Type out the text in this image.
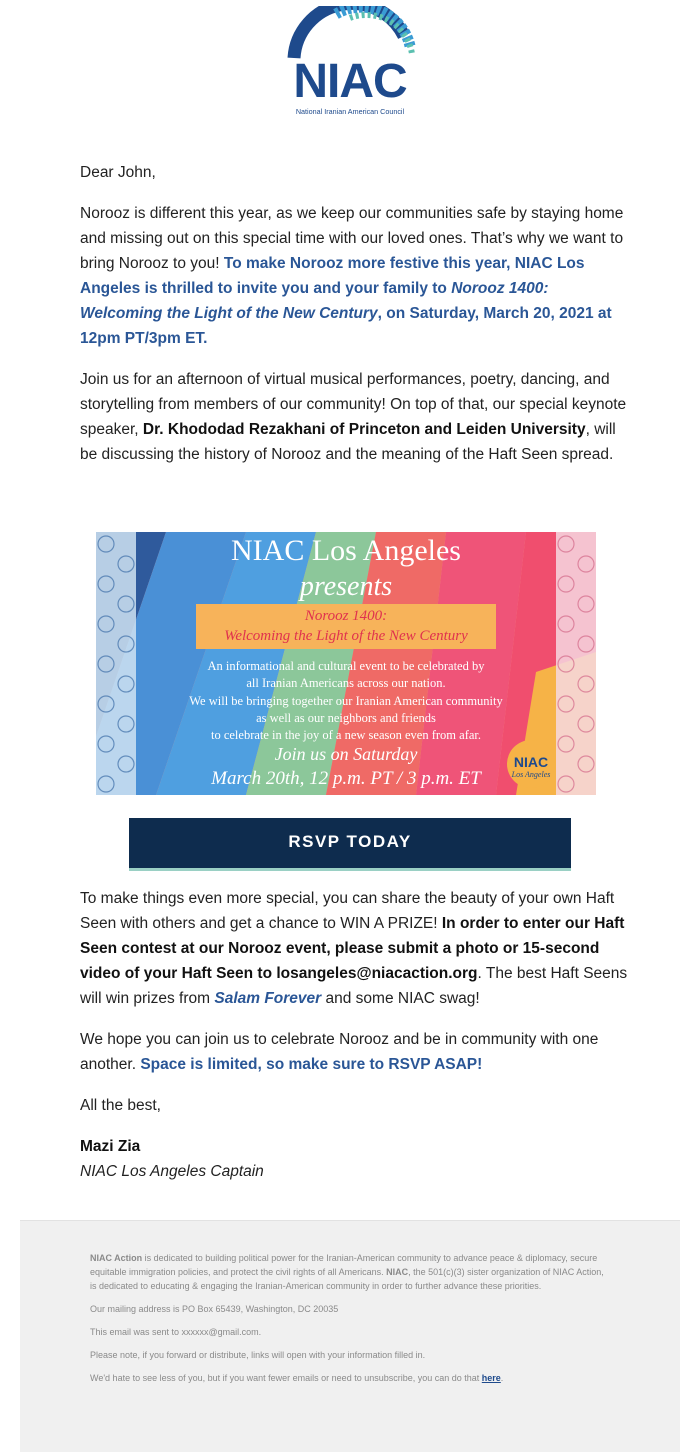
NIAC
National Iranian American Council

Dear John,

Norooz is different this year, as we keep our communities safe by staying home and missing out on this special time with our loved ones. That’s why we want to bring Norooz to you! To make Norooz more festive this year, NIAC Los Angeles is thrilled to invite you and your family to Norooz 1400: Welcoming the Light of the New Century, on Saturday, March 20, 2021 at 12pm PT/3pm ET.

Join us for an afternoon of virtual musical performances, poetry, dancing, and storytelling from members of our community! On top of that, our special keynote speaker, Dr. Khododad Rezakhani of Princeton and Leiden University, will be discussing the history of Norooz and the meaning of the Haft Seen spread.

NIAC Los Angeles
presents
Norooz 1400:
Welcoming the Light of the New Century
An informational and cultural event to be celebrated by
all Iranian Americans across our nation.
We will be bringing together our Iranian American community
as well as our neighbors and friends
to celebrate in the joy of a new season even from afar.
Join us on Saturday
March 20th, 12 p.m. PT / 3 p.m. ET
NIAC
Los Angeles
RSVP TODAY

To make things even more special, you can share the beauty of your own Haft Seen with others and get a chance to WIN A PRIZE! In order to enter our Haft Seen contest at our Norooz event, please submit a photo or 15-second video of your Haft Seen to losangeles@niacaction.org. The best Haft Seens will win prizes from Salam Forever and some NIAC swag!

We hope you can join us to celebrate Norooz and be in community with one another. Space is limited, so make sure to RSVP ASAP!

All the best,

Mazi Zia
NIAC Los Angeles Captain

NIAC Action is dedicated to building political power for the Iranian-American community to advance peace & diplomacy, secure equitable immigration policies, and protect the civil rights of all Americans. NIAC, the 501(c)(3) sister organization of NIAC Action, is dedicated to educating & engaging the Iranian-American community in order to further advance these priorities.

Our mailing address is PO Box 65439, Washington, DC 20035

This email was sent to xxxxxx@gmail.com.

Please note, if you forward or distribute, links will open with your information filled in.

We'd hate to see less of you, but if you want fewer emails or need to unsubscribe, you can do that here.
